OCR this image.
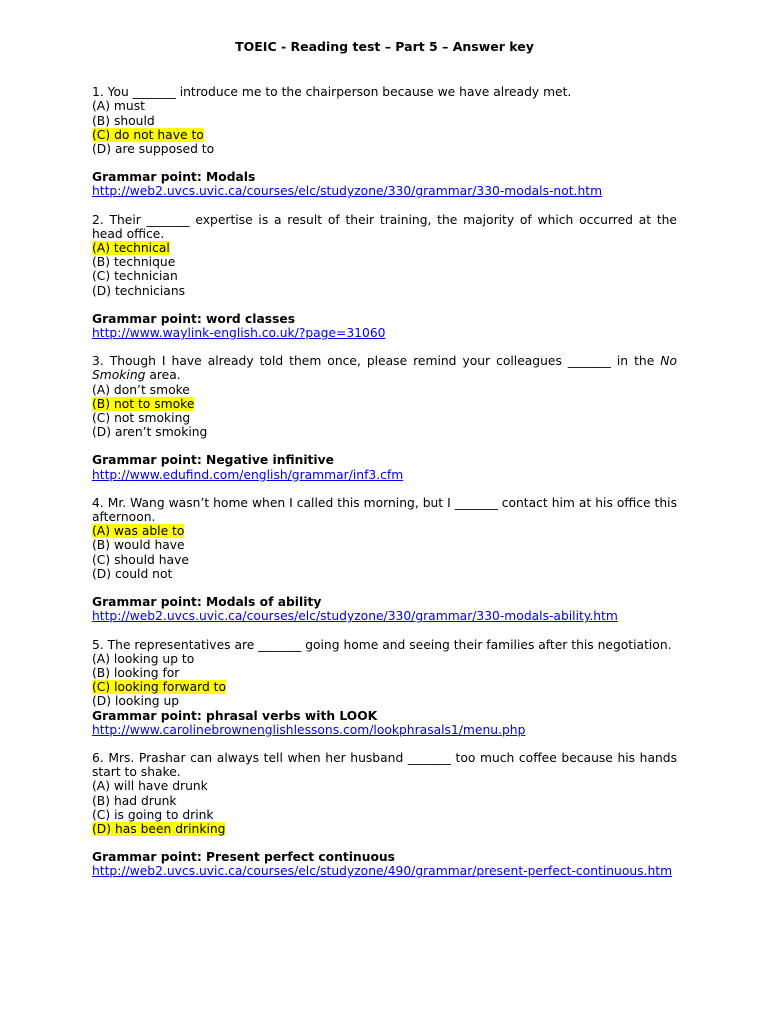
TOEIC - Reading test – Part 5 – Answer key
1. You _______ introduce me to the chairperson because we have already met.
(A) must
(B) should
(C) do not have to
(D) are supposed to
Grammar point: Modals
http://web2.uvcs.uvic.ca/courses/elc/studyzone/330/grammar/330-modals-not.htm
2. Their _______ expertise is a result of their training, the majority of which occurred at the head office.
(A) technical
(B) technique
(C) technician
(D) technicians
Grammar point: word classes
http://www.waylink-english.co.uk/?page=31060
3. Though I have already told them once, please remind your colleagues _______ in the No Smoking area.
(A) don’t smoke
(B) not to smoke
(C) not smoking
(D) aren’t smoking
Grammar point: Negative infinitive
http://www.edufind.com/english/grammar/inf3.cfm
4. Mr. Wang wasn’t home when I called this morning, but I _______ contact him at his office this afternoon.
(A) was able to
(B) would have
(C) should have
(D) could not
Grammar point: Modals of ability
http://web2.uvcs.uvic.ca/courses/elc/studyzone/330/grammar/330-modals-ability.htm
5. The representatives are _______ going home and seeing their families after this negotiation.
(A) looking up to
(B) looking for
(C) looking forward to
(D) looking up
Grammar point: phrasal verbs with LOOK
http://www.carolinebrownenglishlessons.com/lookphrasals1/menu.php
6. Mrs. Prashar can always tell when her husband _______ too much coffee because his hands start to shake.
(A) will have drunk
(B) had drunk
(C) is going to drink
(D) has been drinking
Grammar point: Present perfect continuous
http://web2.uvcs.uvic.ca/courses/elc/studyzone/490/grammar/present-perfect-continuous.htm
